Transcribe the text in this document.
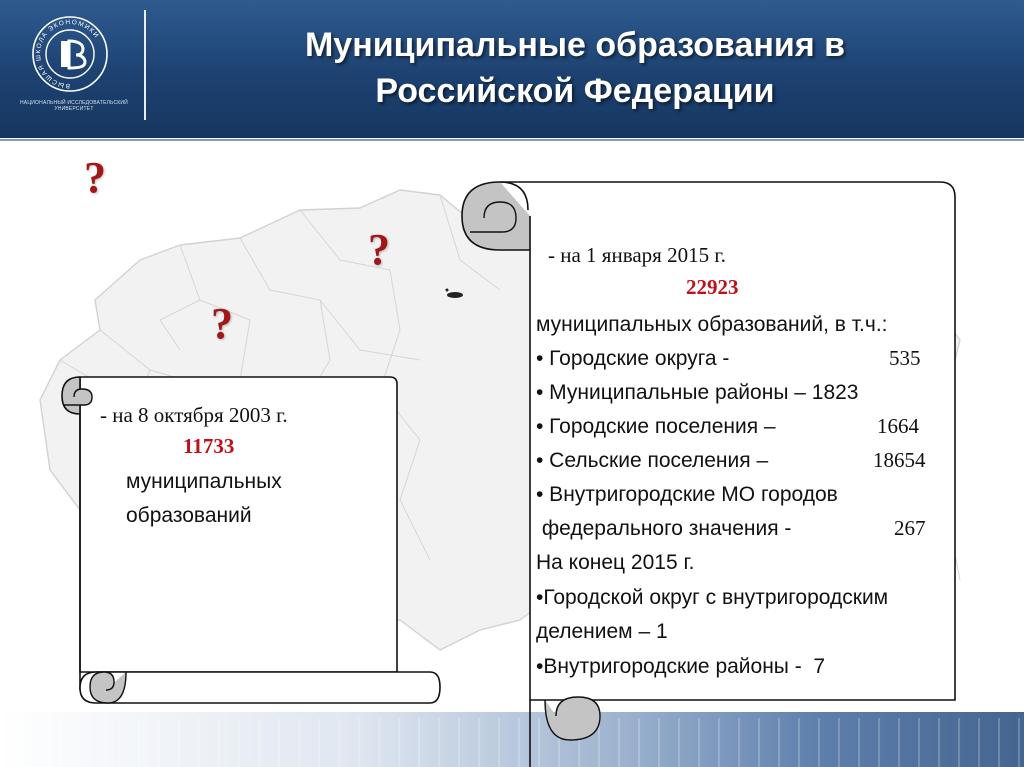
НАЦИОНАЛЬНЫЙ ИССЛЕДОВАТЕЛЬСКИЙ
УНИВЕРСИТЕТ
ВЫСШАЯ ШКОЛА ЭКОНОМИКИ	Муниципальные образования в
Российской Федерации
?
?
?
- на 8 октября 2003 г.
11733
муниципальных
образований
- на 1 января 2015 г.
22923
муниципальных образований, в т.ч.:
• Городские округа -	535
• Муниципальные районы – 1823
• Городские поселения –	1664
• Сельские поселения –	18654
• Внутригородские МО городов
федерального значения -	267
На конец 2015 г.
•Городской округ с внутригородским
делением – 1
•Внутригородские районы -  7
